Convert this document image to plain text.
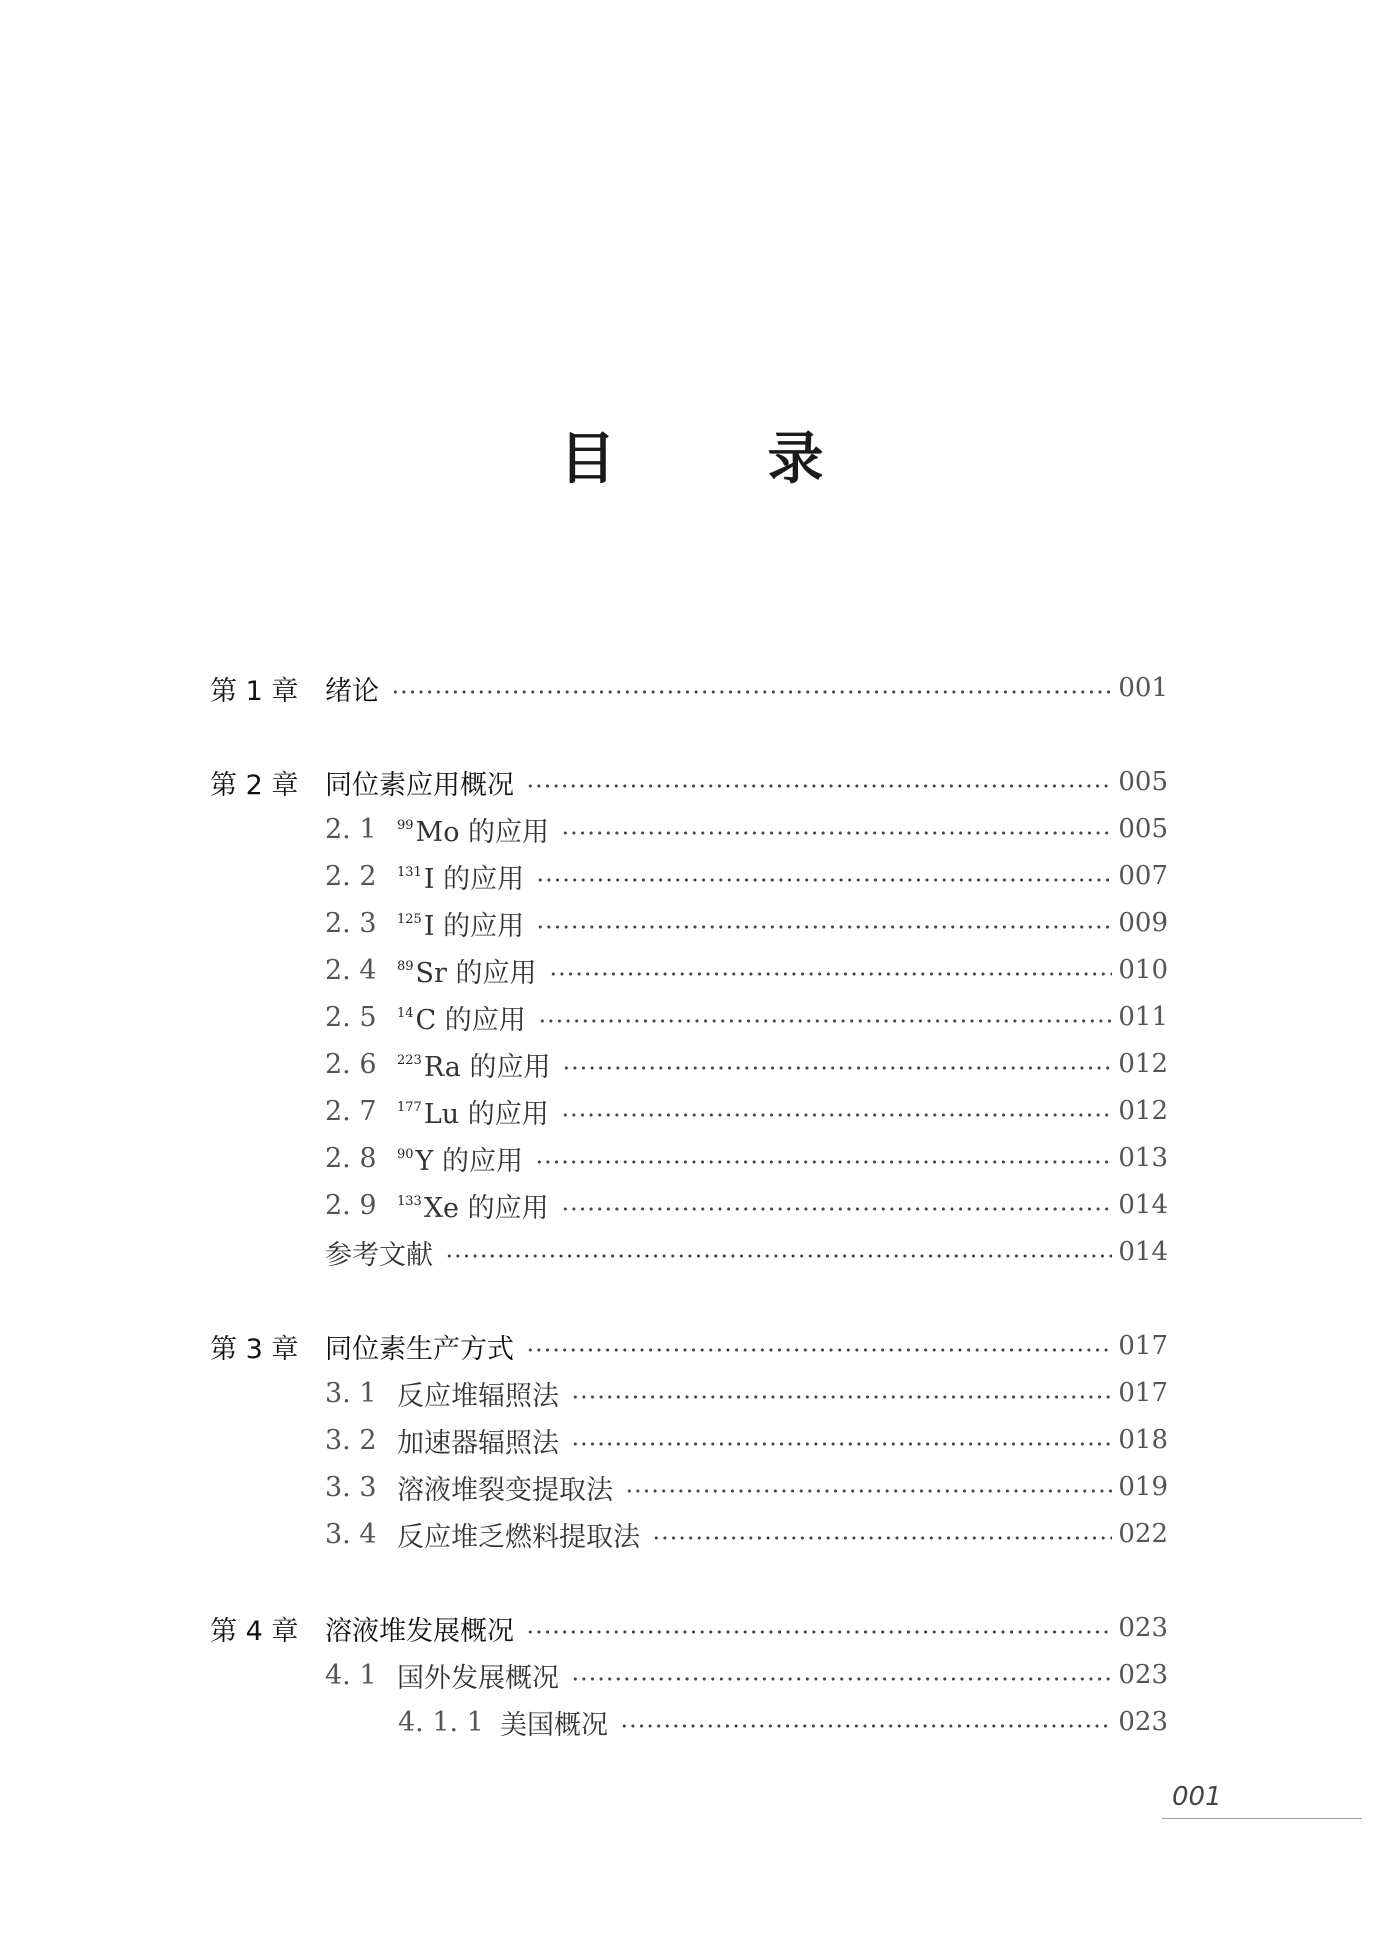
目	录
第 1 章 绪论	001
第 2 章 同位素应用概况	005
2. 1 $^{99}$ Mo 的应用	005
2. 2 $^{131}$ I 的应用	007
2. 3 $^{125}$ I 的应用	009
2. 4 $^{89}$ Sr 的应用	010
2. 5 $^{14}$ C 的应用	011
2. 6 $^{223}$ Ra 的应用	012
2. 7 $^{177}$ Lu 的应用	012
2. 8 $^{90}$ Y 的应用	013
2. 9 $^{133}$ Xe 的应用	014
参考文献	014
第 3 章 同位素生产方式	017
3. 1 反应堆辐照法	017
3. 2 加速器辐照法	018
3. 3 溶液堆裂变提取法	019
3. 4 反应堆乏燃料提取法	022
第 4 章 溶液堆发展概况	023
4. 1 国外发展概况	023
4. 1. 1 美国概况	023
001
